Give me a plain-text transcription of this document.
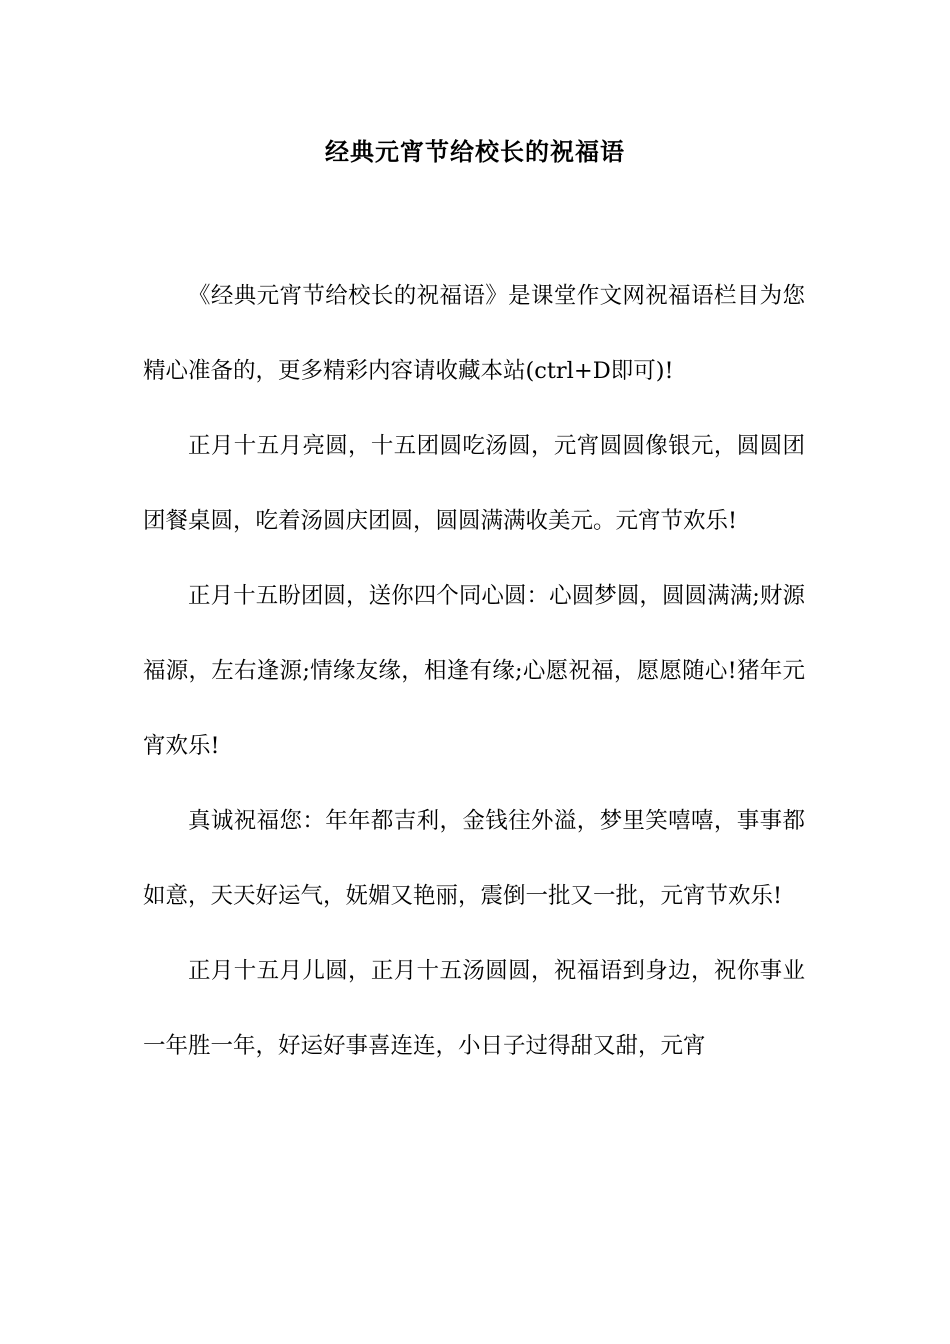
经典元宵节给校长的祝福语

《经典元宵节给校长的祝福语》是课堂作文网祝福语栏目为您精心准备的，更多精彩内容请收藏本站(ctrl+D即可)!

正月十五月亮圆，十五团圆吃汤圆，元宵圆圆像银元，圆圆团团餐桌圆，吃着汤圆庆团圆，圆圆满满收美元。元宵节欢乐!

正月十五盼团圆，送你四个同心圆：心圆梦圆，圆圆满满;财源福源，左右逢源;情缘友缘，相逢有缘;心愿祝福，愿愿随心!猪年元宵欢乐!

真诚祝福您：年年都吉利，金钱往外溢，梦里笑嘻嘻，事事都如意，天天好运气，妩媚又艳丽，震倒一批又一批，元宵节欢乐!

正月十五月儿圆，正月十五汤圆圆，祝福语到身边，祝你事业一年胜一年，好运好事喜连连，小日子过得甜又甜，元宵
